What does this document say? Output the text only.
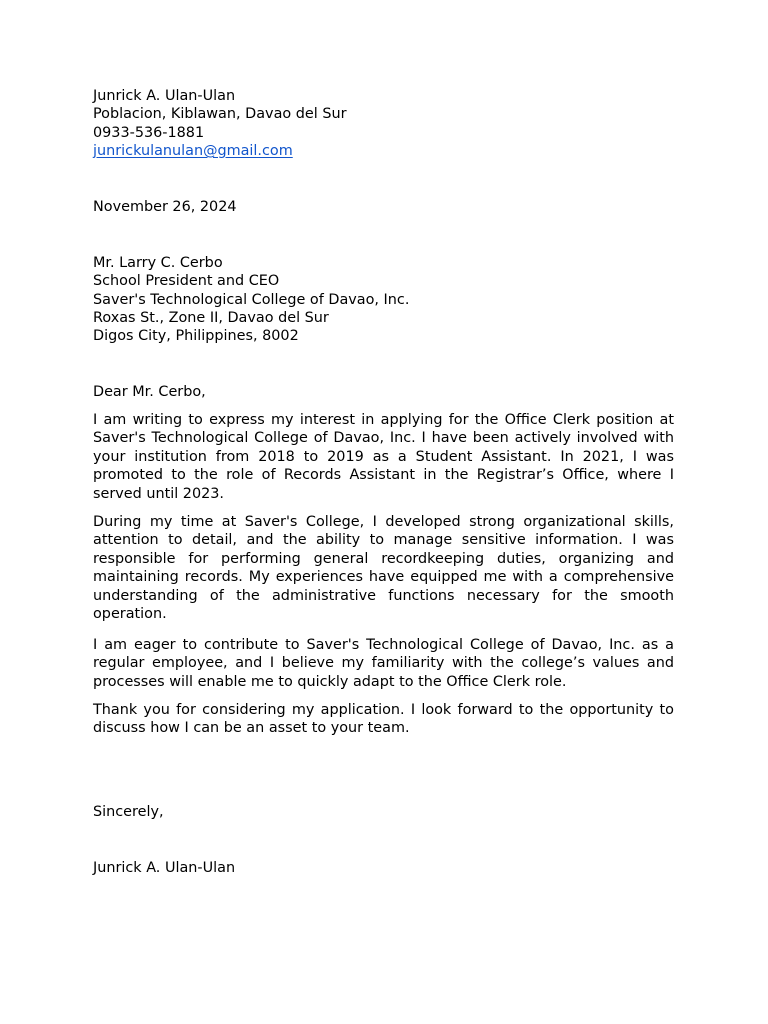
Junrick A. Ulan-Ulan
Poblacion, Kiblawan, Davao del Sur
0933-536-1881
junrickulanulan@gmail.com
November 26, 2024
Mr. Larry C. Cerbo
School President and CEO
Saver's Technological College of Davao, Inc.
Roxas St., Zone II, Davao del Sur
Digos City, Philippines, 8002
Dear Mr. Cerbo,

I am writing to express my interest in applying for the Office Clerk position at Saver's Technological College of Davao, Inc. I have been actively involved with your institution from 2018 to 2019 as a Student Assistant. In 2021, I was promoted to the role of Records Assistant in the Registrar’s Office, where I served until 2023.

During my time at Saver's College, I developed strong organizational skills, attention to detail, and the ability to manage sensitive information. I was responsible for performing general recordkeeping duties, organizing and maintaining records. My experiences have equipped me with a comprehensive understanding of the administrative functions necessary for the smooth operation.

I am eager to contribute to Saver's Technological College of Davao, Inc. as a regular employee, and I believe my familiarity with the college’s values and processes will enable me to quickly adapt to the Office Clerk role.

Thank you for considering my application. I look forward to the opportunity to discuss how I can be an asset to your team.

Sincerely,
Junrick A. Ulan-Ulan
